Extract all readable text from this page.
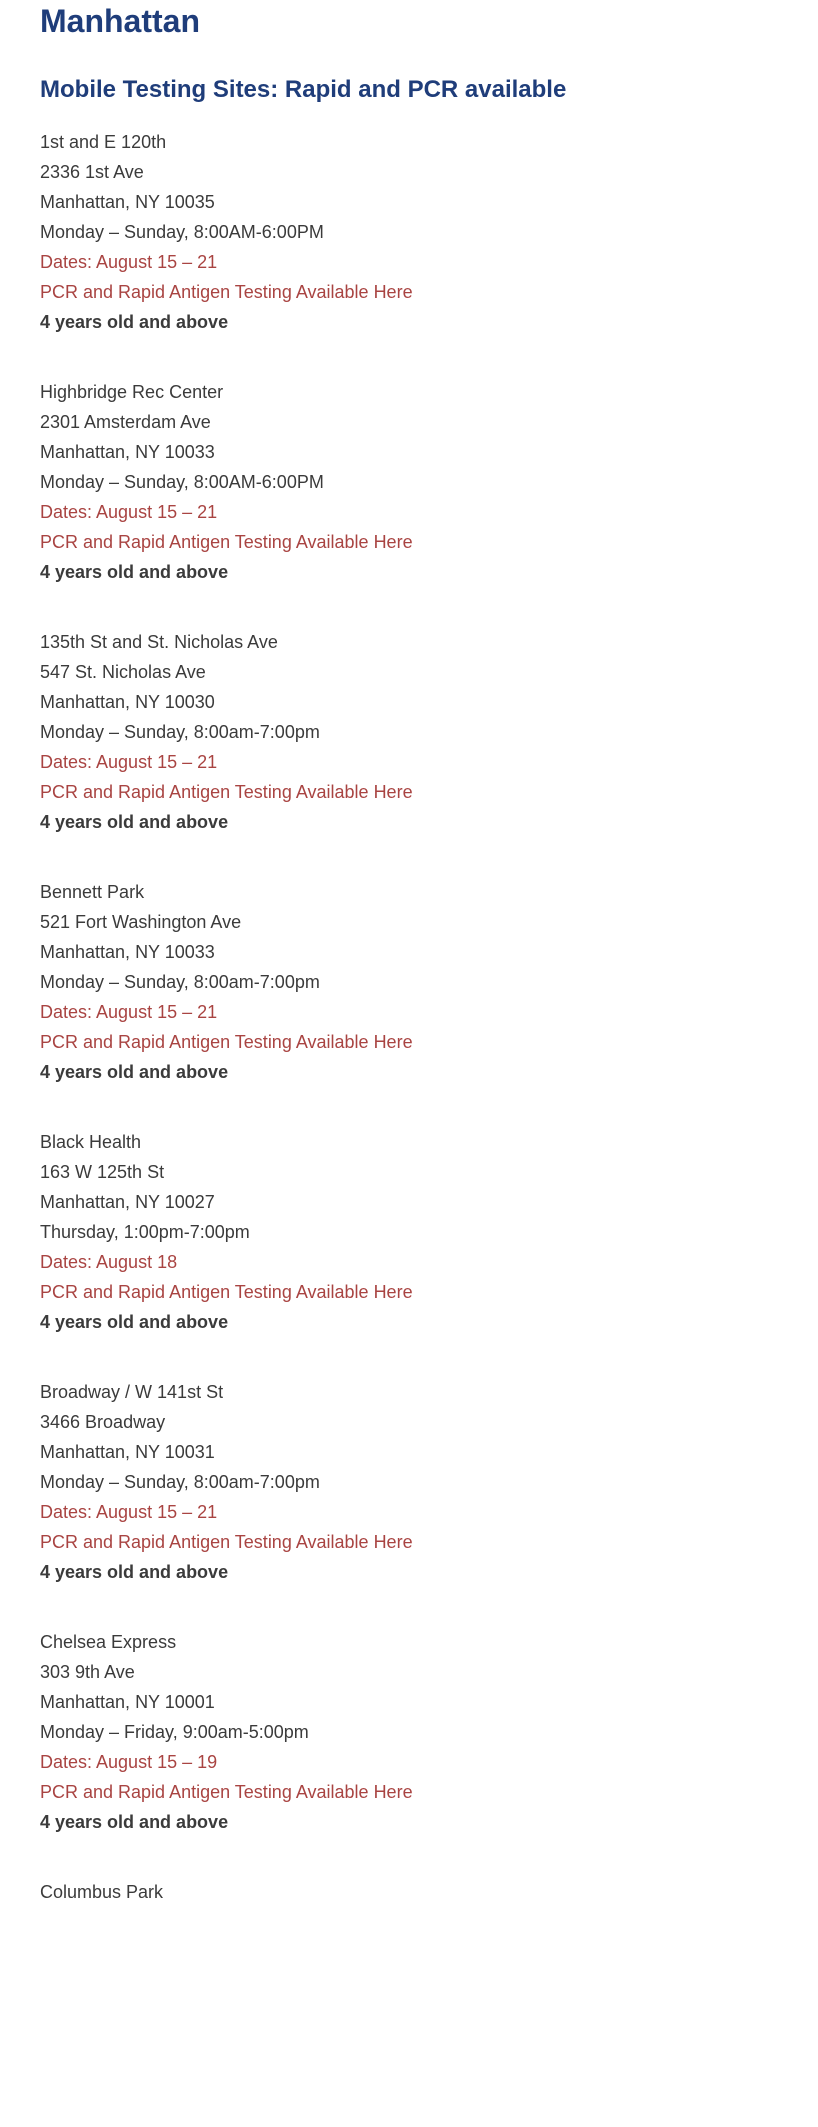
Manhattan
Mobile Testing Sites: Rapid and PCR available
1st and E 120th
2336 1st Ave
Manhattan, NY 10035
Monday – Sunday, 8:00AM-6:00PM
Dates: August 15 – 21
PCR and Rapid Antigen Testing Available Here
4 years old and above
Highbridge Rec Center
2301 Amsterdam Ave
Manhattan, NY 10033
Monday – Sunday, 8:00AM-6:00PM
Dates: August 15 – 21
PCR and Rapid Antigen Testing Available Here
4 years old and above
135th St and St. Nicholas Ave
547 St. Nicholas Ave
Manhattan, NY 10030
Monday – Sunday, 8:00am-7:00pm
Dates: August 15 – 21
PCR and Rapid Antigen Testing Available Here
4 years old and above
Bennett Park
521 Fort Washington Ave
Manhattan, NY 10033
Monday – Sunday, 8:00am-7:00pm
Dates: August 15 – 21
PCR and Rapid Antigen Testing Available Here
4 years old and above
Black Health
163 W 125th St
Manhattan, NY 10027
Thursday, 1:00pm-7:00pm
Dates: August 18
PCR and Rapid Antigen Testing Available Here
4 years old and above
Broadway / W 141st St
3466 Broadway
Manhattan, NY 10031
Monday – Sunday, 8:00am-7:00pm
Dates: August 15 – 21
PCR and Rapid Antigen Testing Available Here
4 years old and above
Chelsea Express
303 9th Ave
Manhattan, NY 10001
Monday – Friday, 9:00am-5:00pm
Dates: August 15 – 19
PCR and Rapid Antigen Testing Available Here
4 years old and above
Columbus Park
